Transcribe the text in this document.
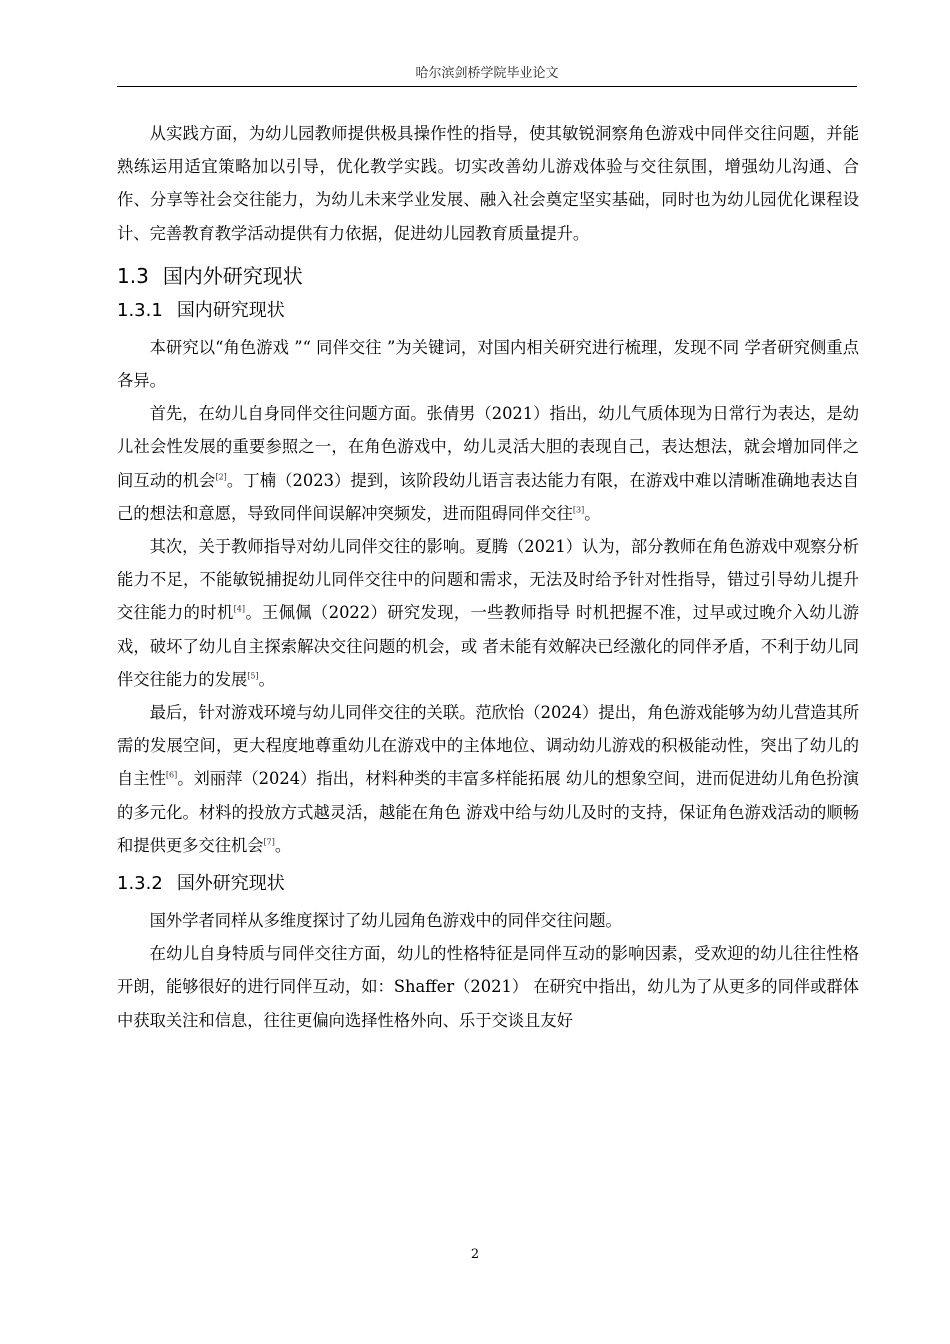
哈尔滨剑桥学院毕业论文

从实践方面，为幼儿园教师提供极具操作性的指导，使其敏锐洞察角色游戏中同伴交往问题，并能熟练运用适宜策略加以引导，优化教学实践。切实改善幼儿游戏体验与交往氛围，增强幼儿沟通、合作、分享等社会交往能力，为幼儿未来学业发展、融入社会奠定坚实基础，同时也为幼儿园优化课程设计、完善教育教学活动提供有力依据，促进幼儿园教育质量提升。

1.3 国内外研究现状
1.3.1 国内研究现状

本研究以“角色游戏 ”“ 同伴交往 ”为关键词，对国内相关研究进行梳理，发现不同 学者研究侧重点各异。

首先，在幼儿自身同伴交往问题方面。张倩男（2021）指出，幼儿气质体现为日常行为表达，是幼儿社会性发展的重要参照之一，在角色游戏中，幼儿灵活大胆的表现自己，表达想法，就会增加同伴之间互动的机会[2]。丁楠（2023）提到，该阶段幼儿语言表达能力有限，在游戏中难以清晰准确地表达自己的想法和意愿，导致同伴间误解冲突频发，进而阻碍同伴交往[3]。

其次，关于教师指导对幼儿同伴交往的影响。夏腾（2021）认为，部分教师在角色游戏中观察分析能力不足，不能敏锐捕捉幼儿同伴交往中的问题和需求，无法及时给予针对性指导，错过引导幼儿提升交往能力的时机[4]。王佩佩（2022）研究发现，一些教师指导 时机把握不准，过早或过晚介入幼儿游戏，破坏了幼儿自主探索解决交往问题的机会，或 者未能有效解决已经激化的同伴矛盾，不利于幼儿同伴交往能力的发展[5]。

最后，针对游戏环境与幼儿同伴交往的关联。范欣怡（2024）提出，角色游戏能够为幼儿营造其所需的发展空间，更大程度地尊重幼儿在游戏中的主体地位、调动幼儿游戏的积极能动性，突出了幼儿的自主性[6]。刘丽萍（2024）指出，材料种类的丰富多样能拓展 幼儿的想象空间，进而促进幼儿角色扮演的多元化。材料的投放方式越灵活，越能在角色 游戏中给与幼儿及时的支持，保证角色游戏活动的顺畅和提供更多交往机会[7]。

1.3.2 国外研究现状

国外学者同样从多维度探讨了幼儿园角色游戏中的同伴交往问题。

在幼儿自身特质与同伴交往方面，幼儿的性格特征是同伴互动的影响因素，受欢迎的幼儿往往性格开朗，能够很好的进行同伴互动，如：Shaffer（2021） 在研究中指出，幼儿为了从更多的同伴或群体中获取关注和信息，往往更偏向选择性格外向、乐于交谈且友好

2
